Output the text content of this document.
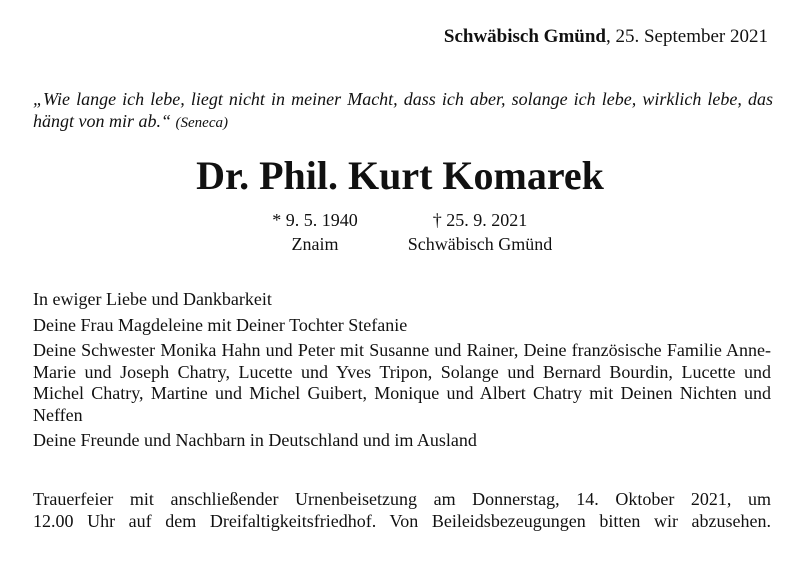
Schwäbisch Gmünd, 25. September 2021
„Wie lange ich lebe, liegt nicht in meiner Macht, dass ich aber, solange ich lebe, wirklich lebe, das hängt von mir ab.“ (Seneca)
Dr. Phil. Kurt Komarek
* 9. 5. 1940
Znaim
† 25. 9. 2021
Schwäbisch Gmünd

In ewiger Liebe und Dankbarkeit

Deine Frau Magdeleine mit Deiner Tochter Stefanie

Deine Schwester Monika Hahn und Peter mit Susanne und Rainer, Deine französische Familie Anne-Marie und Joseph Chatry, Lucette und Yves Tripon, Solange und Bernard Bourdin, Lucette und Michel Chatry, Martine und Michel Guibert, Monique und Albert Chatry mit Deinen Nichten und Neffen

Deine Freunde und Nachbarn in Deutschland und im Ausland

Trauerfeier mit anschließender Urnenbeisetzung am Donnerstag, 14. Oktober 2021, um
12.00 Uhr auf dem Dreifaltigkeitsfriedhof. Von Beileidsbezeugungen bitten wir abzusehen.
